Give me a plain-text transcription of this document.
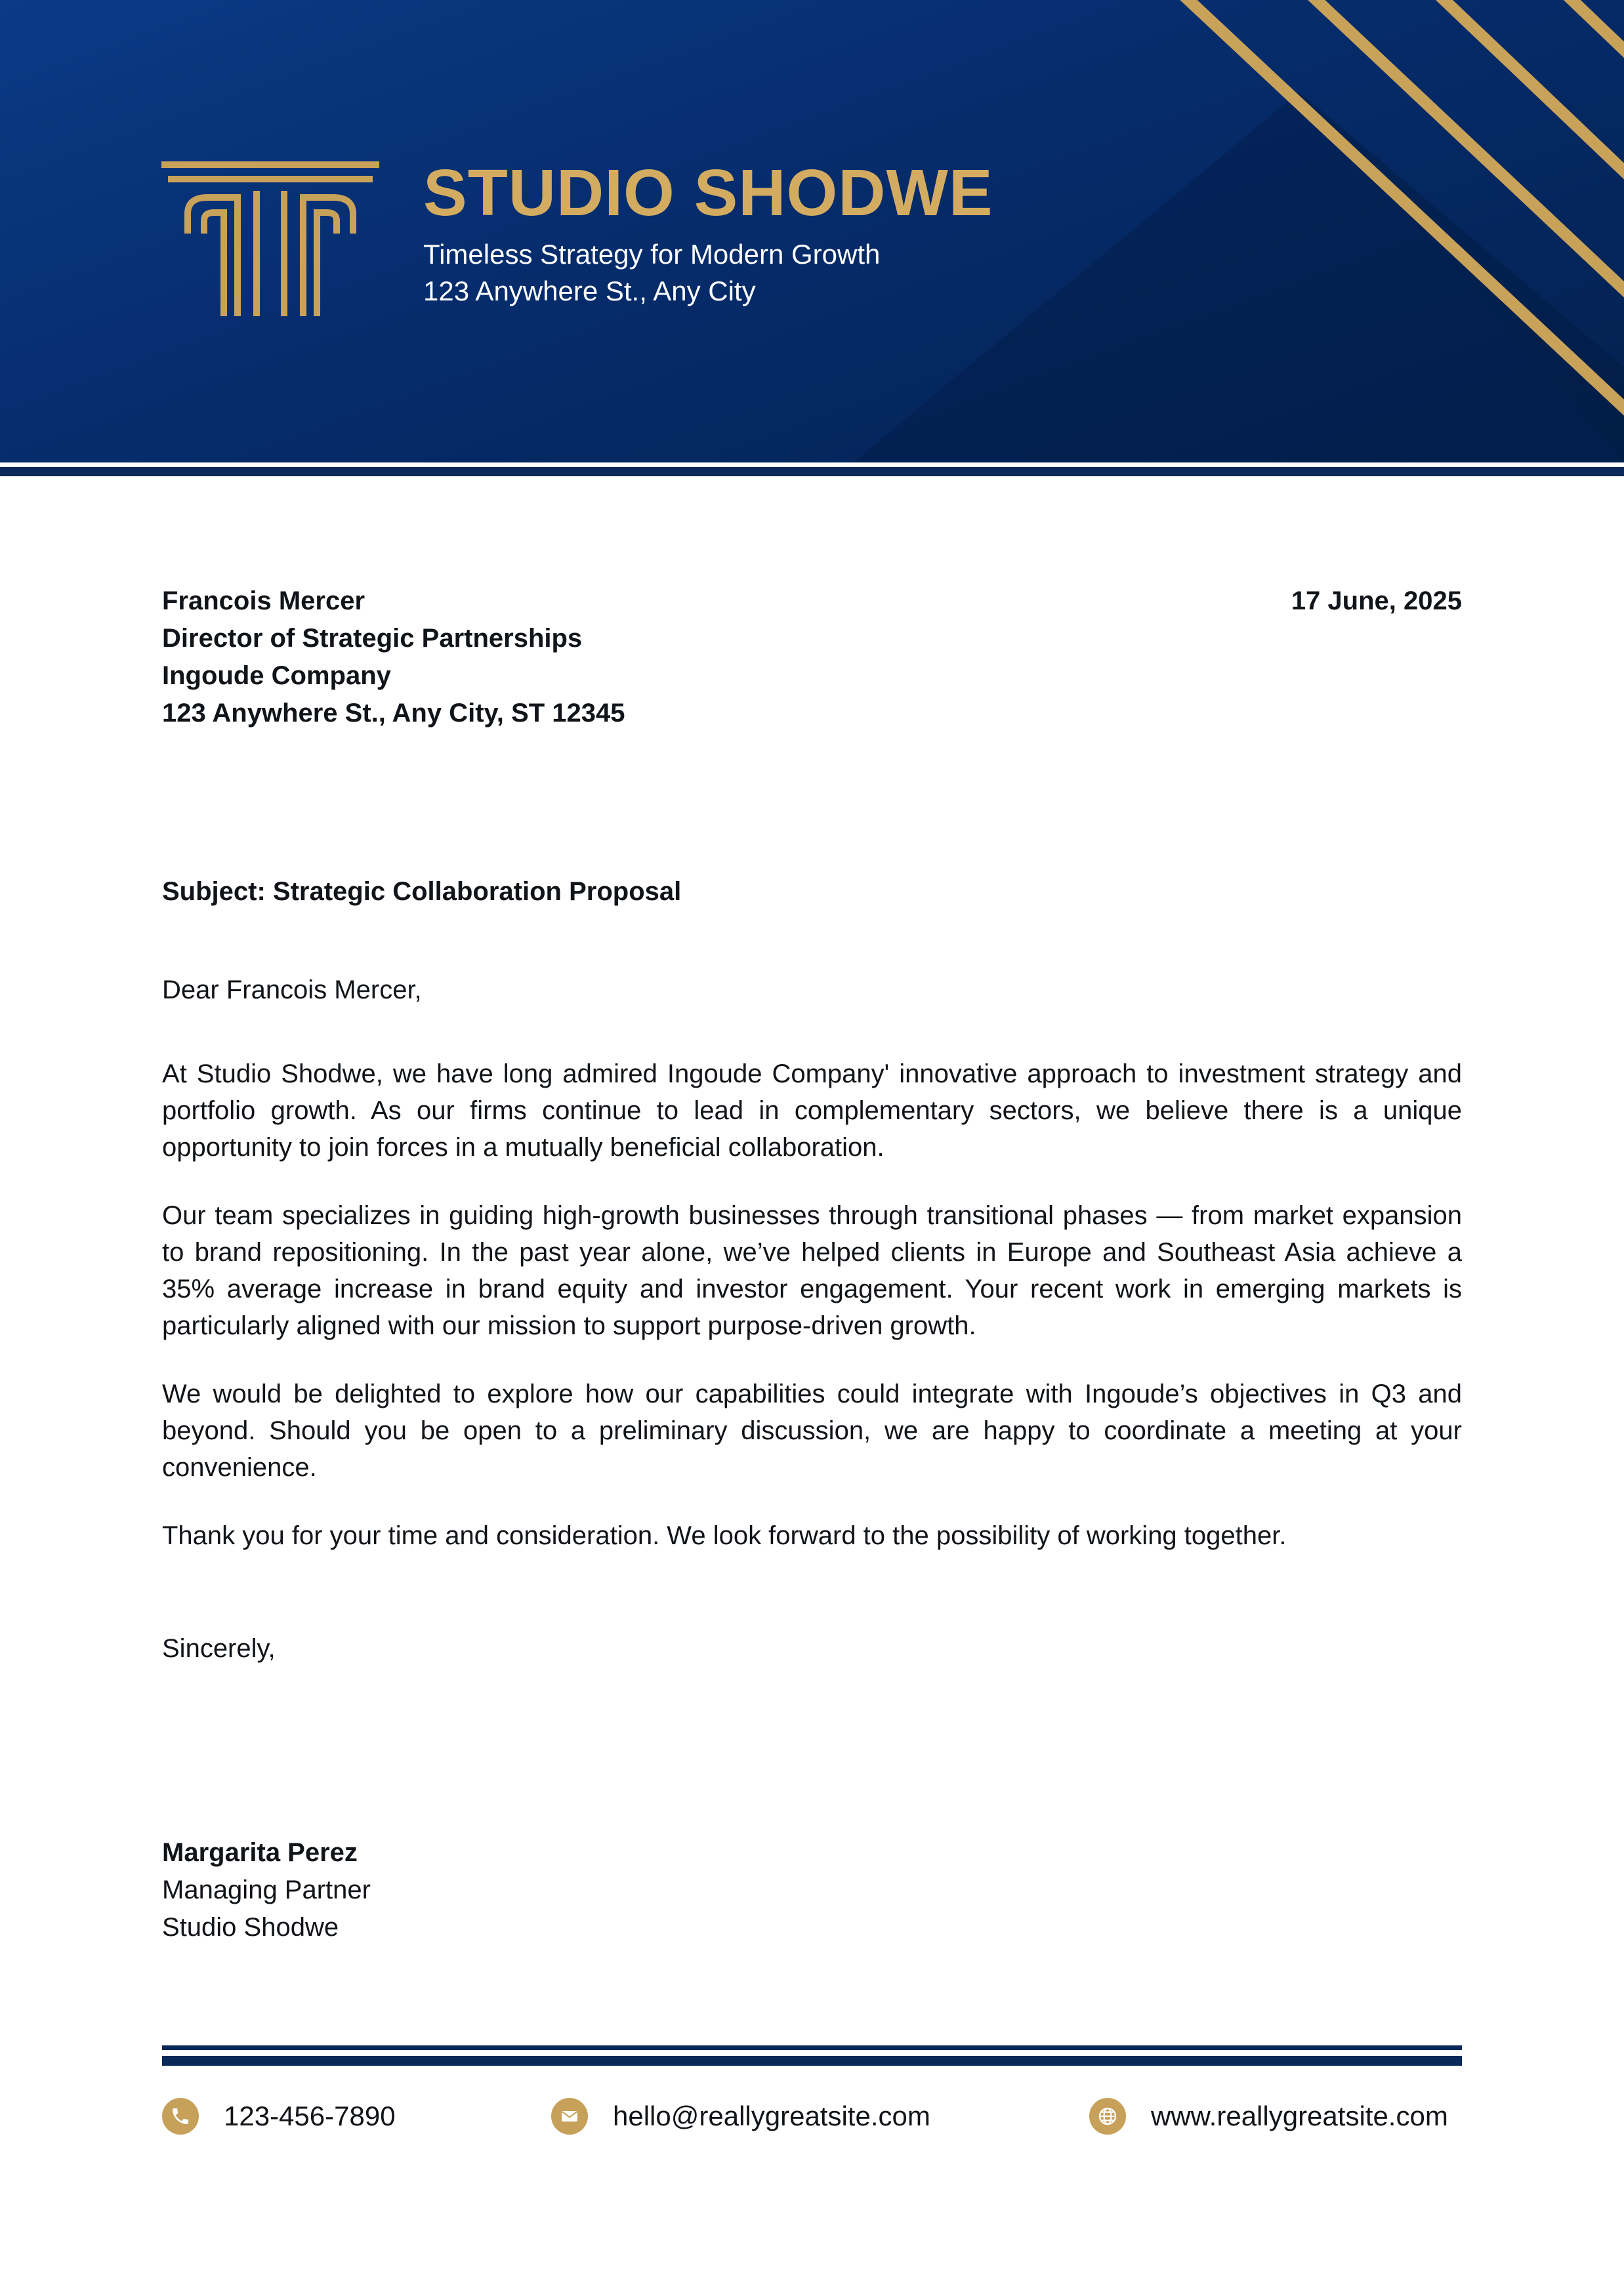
STUDIO SHODWE
Timeless Strategy for Modern Growth
123 Anywhere St., Any City
Francois Mercer
Director of Strategic Partnerships
Ingoude Company
123 Anywhere St., Any City, ST 12345
17 June, 2025
Subject: Strategic Collaboration Proposal
Dear Francois Mercer,

At Studio Shodwe, we have long admired Ingoude Company' innovative approach to investment strategy and portfolio growth. As our firms continue to lead in complementary sectors, we believe there is a unique opportunity to join forces in a mutually beneficial collaboration.

Our team specializes in guiding high-growth businesses through transitional phases — from market expansion to brand repositioning. In the past year alone, we’ve helped clients in Europe and Southeast Asia achieve a 35% average increase in brand equity and investor engagement. Your recent work in emerging markets is particularly aligned with our mission to support purpose-driven growth.

We would be delighted to explore how our capabilities could integrate with Ingoude’s objectives in Q3 and beyond. Should you be open to a preliminary discussion, we are happy to coordinate a meeting at your convenience.

Thank you for your time and consideration. We look forward to the possibility of working together.

Sincerely,
Margarita Perez
Managing Partner
Studio Shodwe
123-456-7890	hello@reallygreatsite.com	www.reallygreatsite.com
